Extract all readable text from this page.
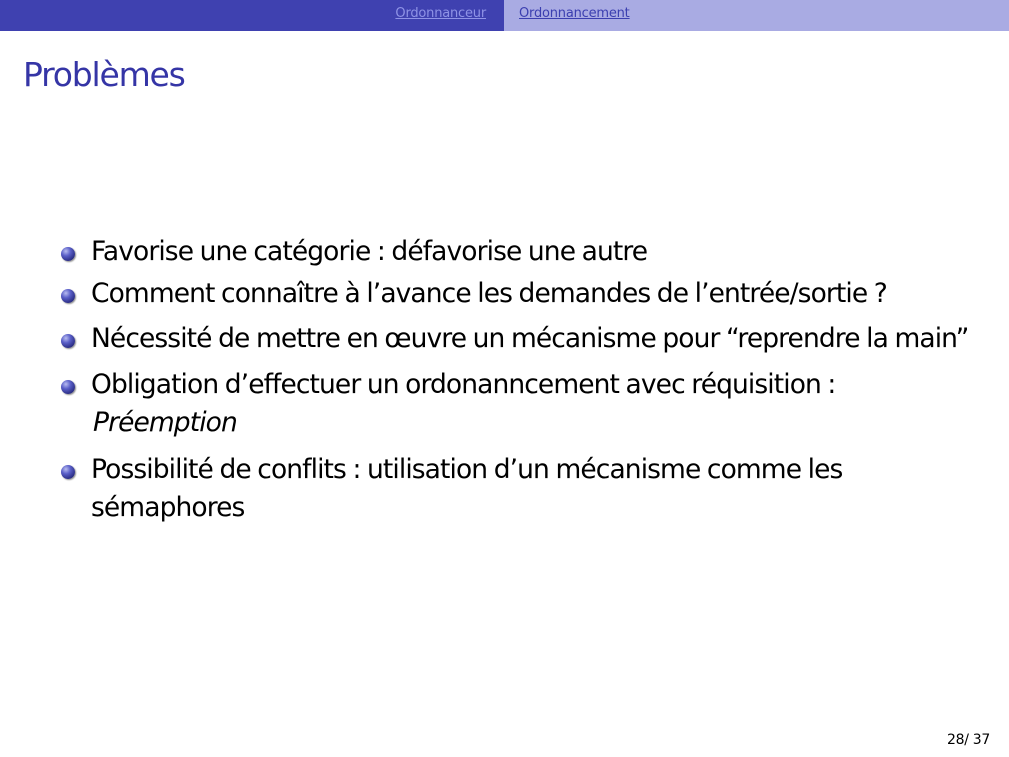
Ordonnanceur	Ordonnancement
Problèmes
Favorise une catégorie : défavorise une autre
Comment connaître à l’avance les demandes de l’entrée/sortie ?
Nécessité de mettre en œuvre un mécanisme pour “reprendre la main”
Obligation d’effectuer un ordonanncement avec réquisition :
Préemption
Possibilité de conflits : utilisation d’un mécanisme comme les
sémaphores
28/ 37
